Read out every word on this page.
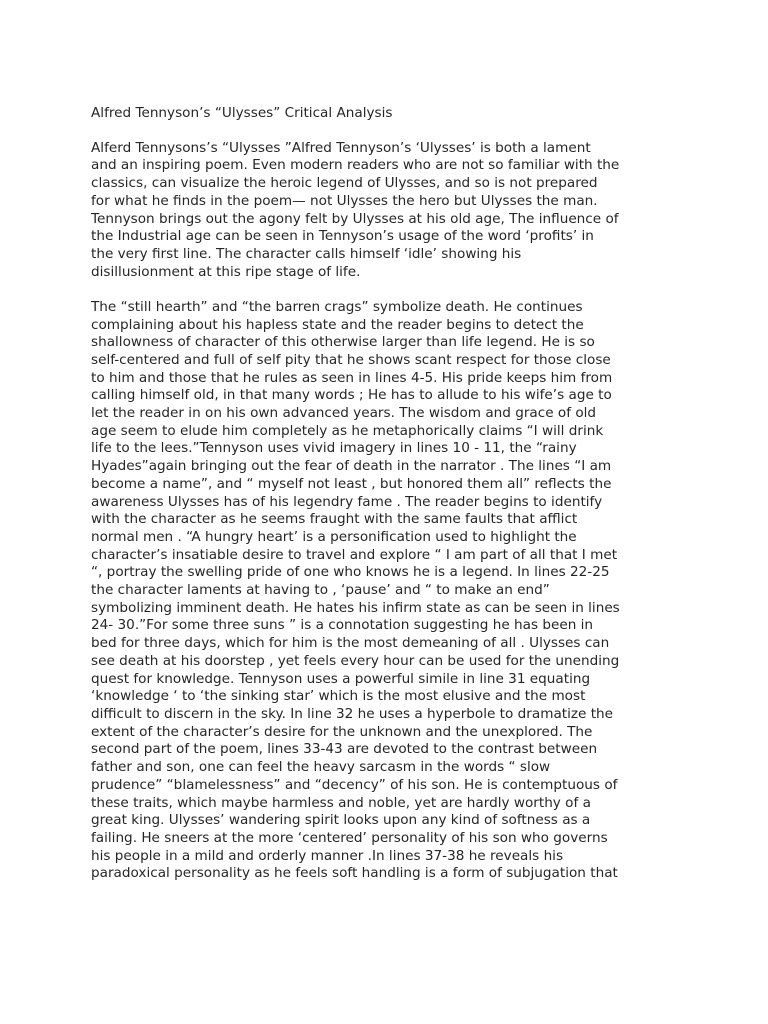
Alfred Tennyson’s “Ulysses” Critical Analysis

Alferd Tennysons’s “Ulysses ”Alfred Tennyson’s ‘Ulysses’ is both a lament
and an inspiring poem. Even modern readers who are not so familiar with the
classics, can visualize the heroic legend of Ulysses, and so is not prepared
for what he finds in the poem— not Ulysses the hero but Ulysses the man.
Tennyson brings out the agony felt by Ulysses at his old age, The influence of
the Industrial age can be seen in Tennyson’s usage of the word ‘profits’ in
the very first line. The character calls himself ‘idle’ showing his
disillusionment at this ripe stage of life.

The “still hearth” and “the barren crags” symbolize death. He continues
complaining about his hapless state and the reader begins to detect the
shallowness of character of this otherwise larger than life legend. He is so
self-centered and full of self pity that he shows scant respect for those close
to him and those that he rules as seen in lines 4-5. His pride keeps him from
calling himself old, in that many words ; He has to allude to his wife’s age to
let the reader in on his own advanced years. The wisdom and grace of old
age seem to elude him completely as he metaphorically claims “I will drink
life to the lees.”Tennyson uses vivid imagery in lines 10 - 11, the “rainy
Hyades”again bringing out the fear of death in the narrator . The lines “I am
become a name”, and “ myself not least , but honored them all” reflects the
awareness Ulysses has of his legendry fame . The reader begins to identify
with the character as he seems fraught with the same faults that afflict
normal men . “A hungry heart’ is a personification used to highlight the
character’s insatiable desire to travel and explore “ I am part of all that I met
“, portray the swelling pride of one who knows he is a legend. In lines 22-25
the character laments at having to , ‘pause’ and “ to make an end”
symbolizing imminent death. He hates his infirm state as can be seen in lines
24- 30.”For some three suns ” is a connotation suggesting he has been in
bed for three days, which for him is the most demeaning of all . Ulysses can
see death at his doorstep , yet feels every hour can be used for the unending
quest for knowledge. Tennyson uses a powerful simile in line 31 equating
‘knowledge ‘ to ‘the sinking star’ which is the most elusive and the most
difficult to discern in the sky. In line 32 he uses a hyperbole to dramatize the
extent of the character’s desire for the unknown and the unexplored. The
second part of the poem, lines 33-43 are devoted to the contrast between
father and son, one can feel the heavy sarcasm in the words “ slow
prudence” “blamelessness” and “decency” of his son. He is contemptuous of
these traits, which maybe harmless and noble, yet are hardly worthy of a
great king. Ulysses’ wandering spirit looks upon any kind of softness as a
failing. He sneers at the more ‘centered’ personality of his son who governs
his people in a mild and orderly manner .In lines 37-38 he reveals his
paradoxical personality as he feels soft handling is a form of subjugation that
